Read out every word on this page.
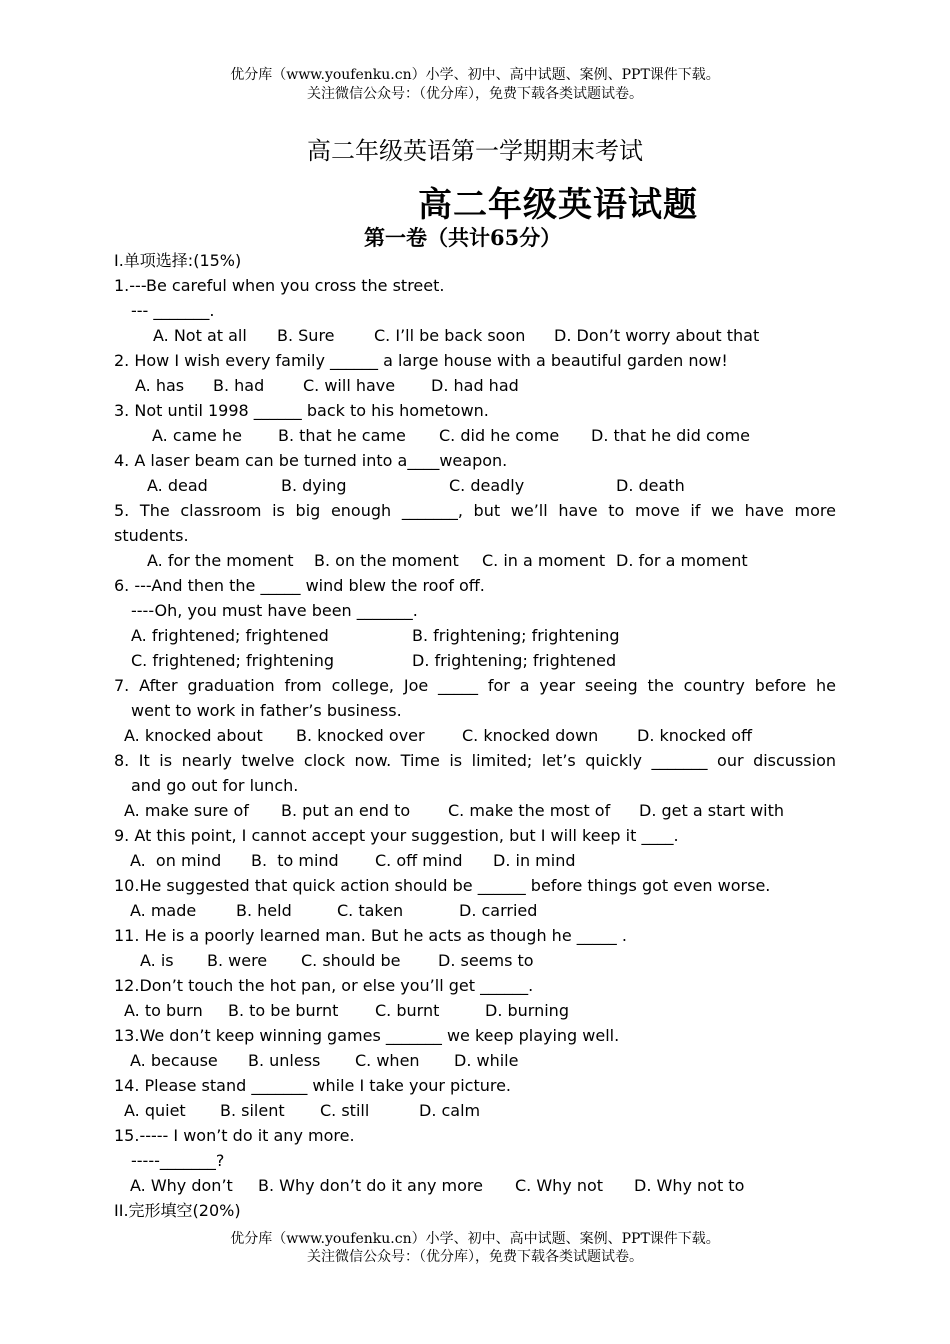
优分库（www.youfenku.cn）小学、初中、高中试题、案例、PPT课件下载。
关注微信公众号：（优分库），免费下载各类试题试卷。
高二年级英语第一学期期末考试
高二年级英语试题
第一卷（共计65分）
I.单项选择:(15%)
1.---Be careful when you cross the street.
--- _______.
A. Not at all	B. Sure	C. I’ll be back soon	D. Don’t worry about that
2. How I wish every family ______ a large house with a beautiful garden now!
A. has	B. had	C. will have	D. had had
3. Not until 1998 ______ back to his hometown.
A. came he	B. that he came	C. did he come	D. that he did come
4. A laser beam can be turned into a____weapon.
A. dead	B. dying	C. deadly	D. death
5. The classroom is big enough _______, but we’ll have to move if we have more
students.
A. for the moment	B. on the moment	C. in a moment D. for a moment
6. ---And then the _____ wind blew the roof off.
----Oh, you must have been _______.
A. frightened; frightened	B. frightening; frightening
C. frightened; frightening	D. frightening; frightened
7. After graduation from college, Joe _____ for a year seeing the country before he
went to work in father’s business.
A. knocked about	B. knocked over	C. knocked down	D. knocked off
8. It is nearly twelve clock now. Time is limited; let’s quickly _______ our discussion
and go out for lunch.
A. make sure of	B. put an end to	C. make the most of	D. get a start with
9. At this point, I cannot accept your suggestion, but I will keep it ____.
A.  on mind	B.  to mind	C. off mind	D. in mind
10.He suggested that quick action should be ______ before things got even worse.
A. made	B. held	C. taken	D. carried
11. He is a poorly learned man. But he acts as though he _____ .
A. is	B. were	C. should be	D. seems to
12.Don’t touch the hot pan, or else you’ll get ______.
A. to burn	B. to be burnt	C. burnt	D. burning
13.We don’t keep winning games _______ we keep playing well.
A. because	B. unless	C. when	D. while
14. Please stand _______ while I take your picture.
A. quiet	B. silent	C. still	D. calm
15.----- I won’t do it any more.
-----_______?
A. Why don’t	B. Why don’t do it any more	C. Why not	D. Why not to
II.完形填空(20%)
优分库（www.youfenku.cn）小学、初中、高中试题、案例、PPT课件下载。
关注微信公众号：（优分库），免费下载各类试题试卷。
